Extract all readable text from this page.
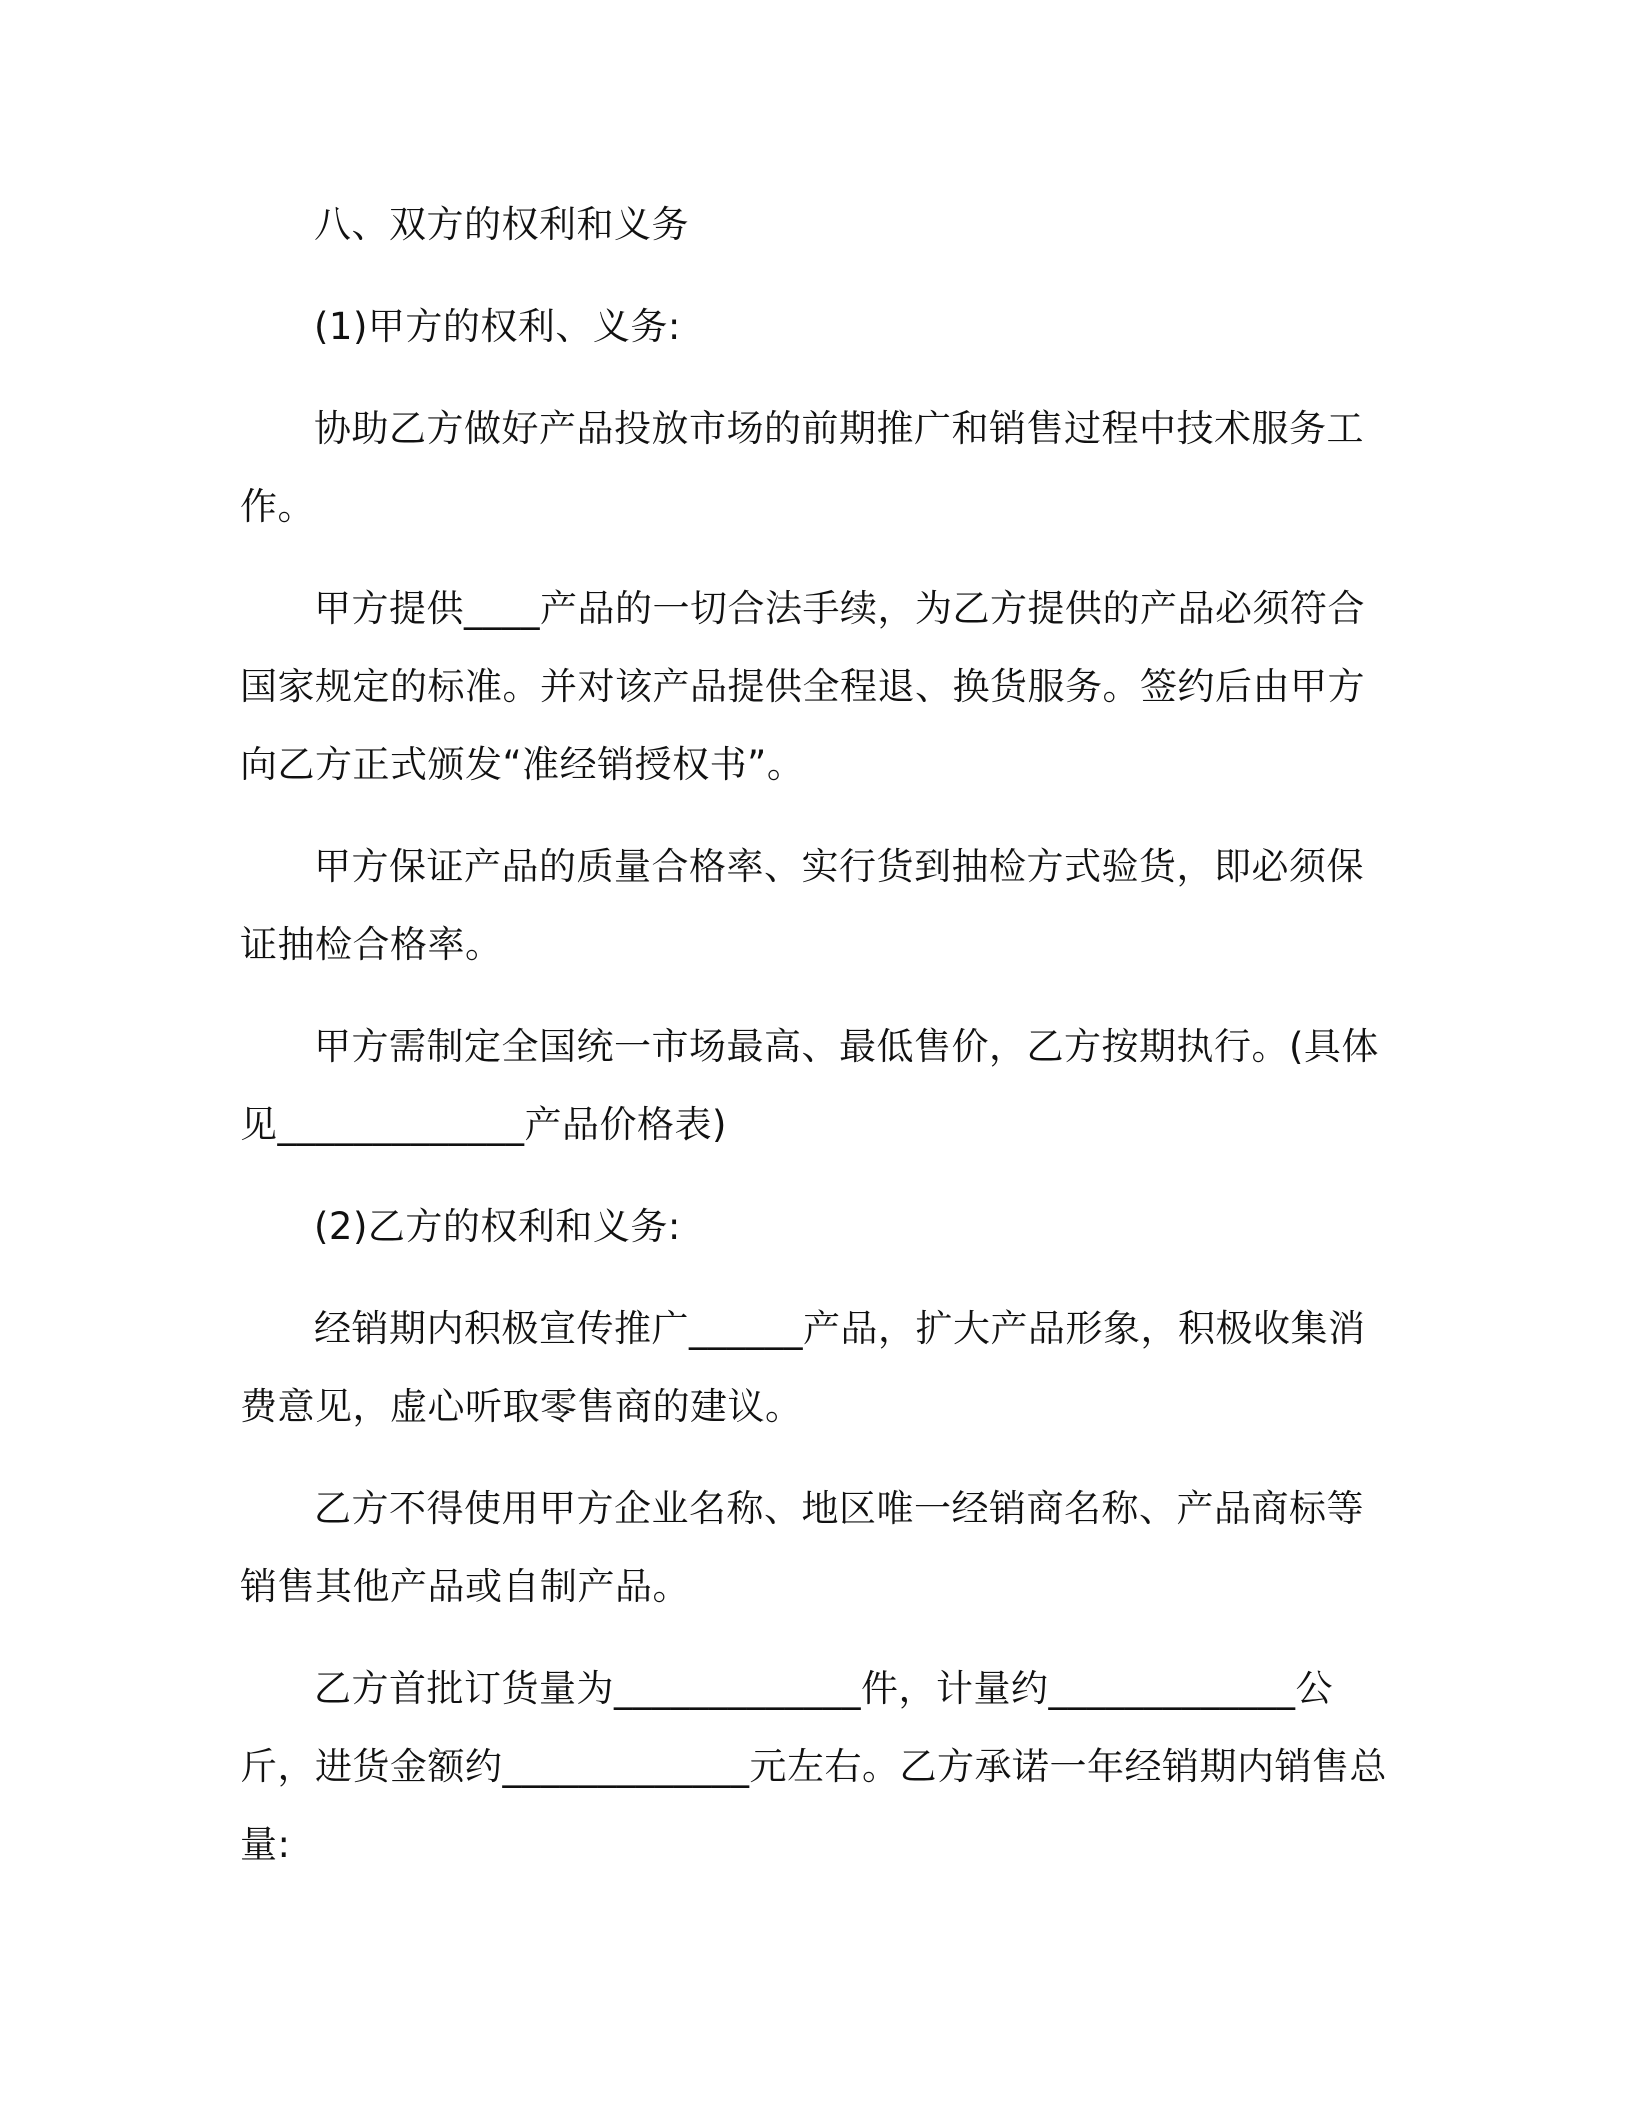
八、双方的权利和义务

(1)甲方的权利、义务:

协助乙方做好产品投放市场的前期推广和销售过程中技术服务工作。

甲方提供____产品的一切合法手续，为乙方提供的产品必须符合国家规定的标准。并对该产品提供全程退、换货服务。签约后由甲方向乙方正式颁发“准经销授权书”。

甲方保证产品的质量合格率、实行货到抽检方式验货，即必须保证抽检合格率。

甲方需制定全国统一市场最高、最低售价，乙方按期执行。(具体见_____________产品价格表)

(2)乙方的权利和义务:

经销期内积极宣传推广______产品，扩大产品形象，积极收集消费意见，虚心听取零售商的建议。

乙方不得使用甲方企业名称、地区唯一经销商名称、产品商标等销售其他产品或自制产品。

乙方首批订货量为_____________件，计量约_____________公斤，进货金额约_____________元左右。乙方承诺一年经销期内销售总量:
